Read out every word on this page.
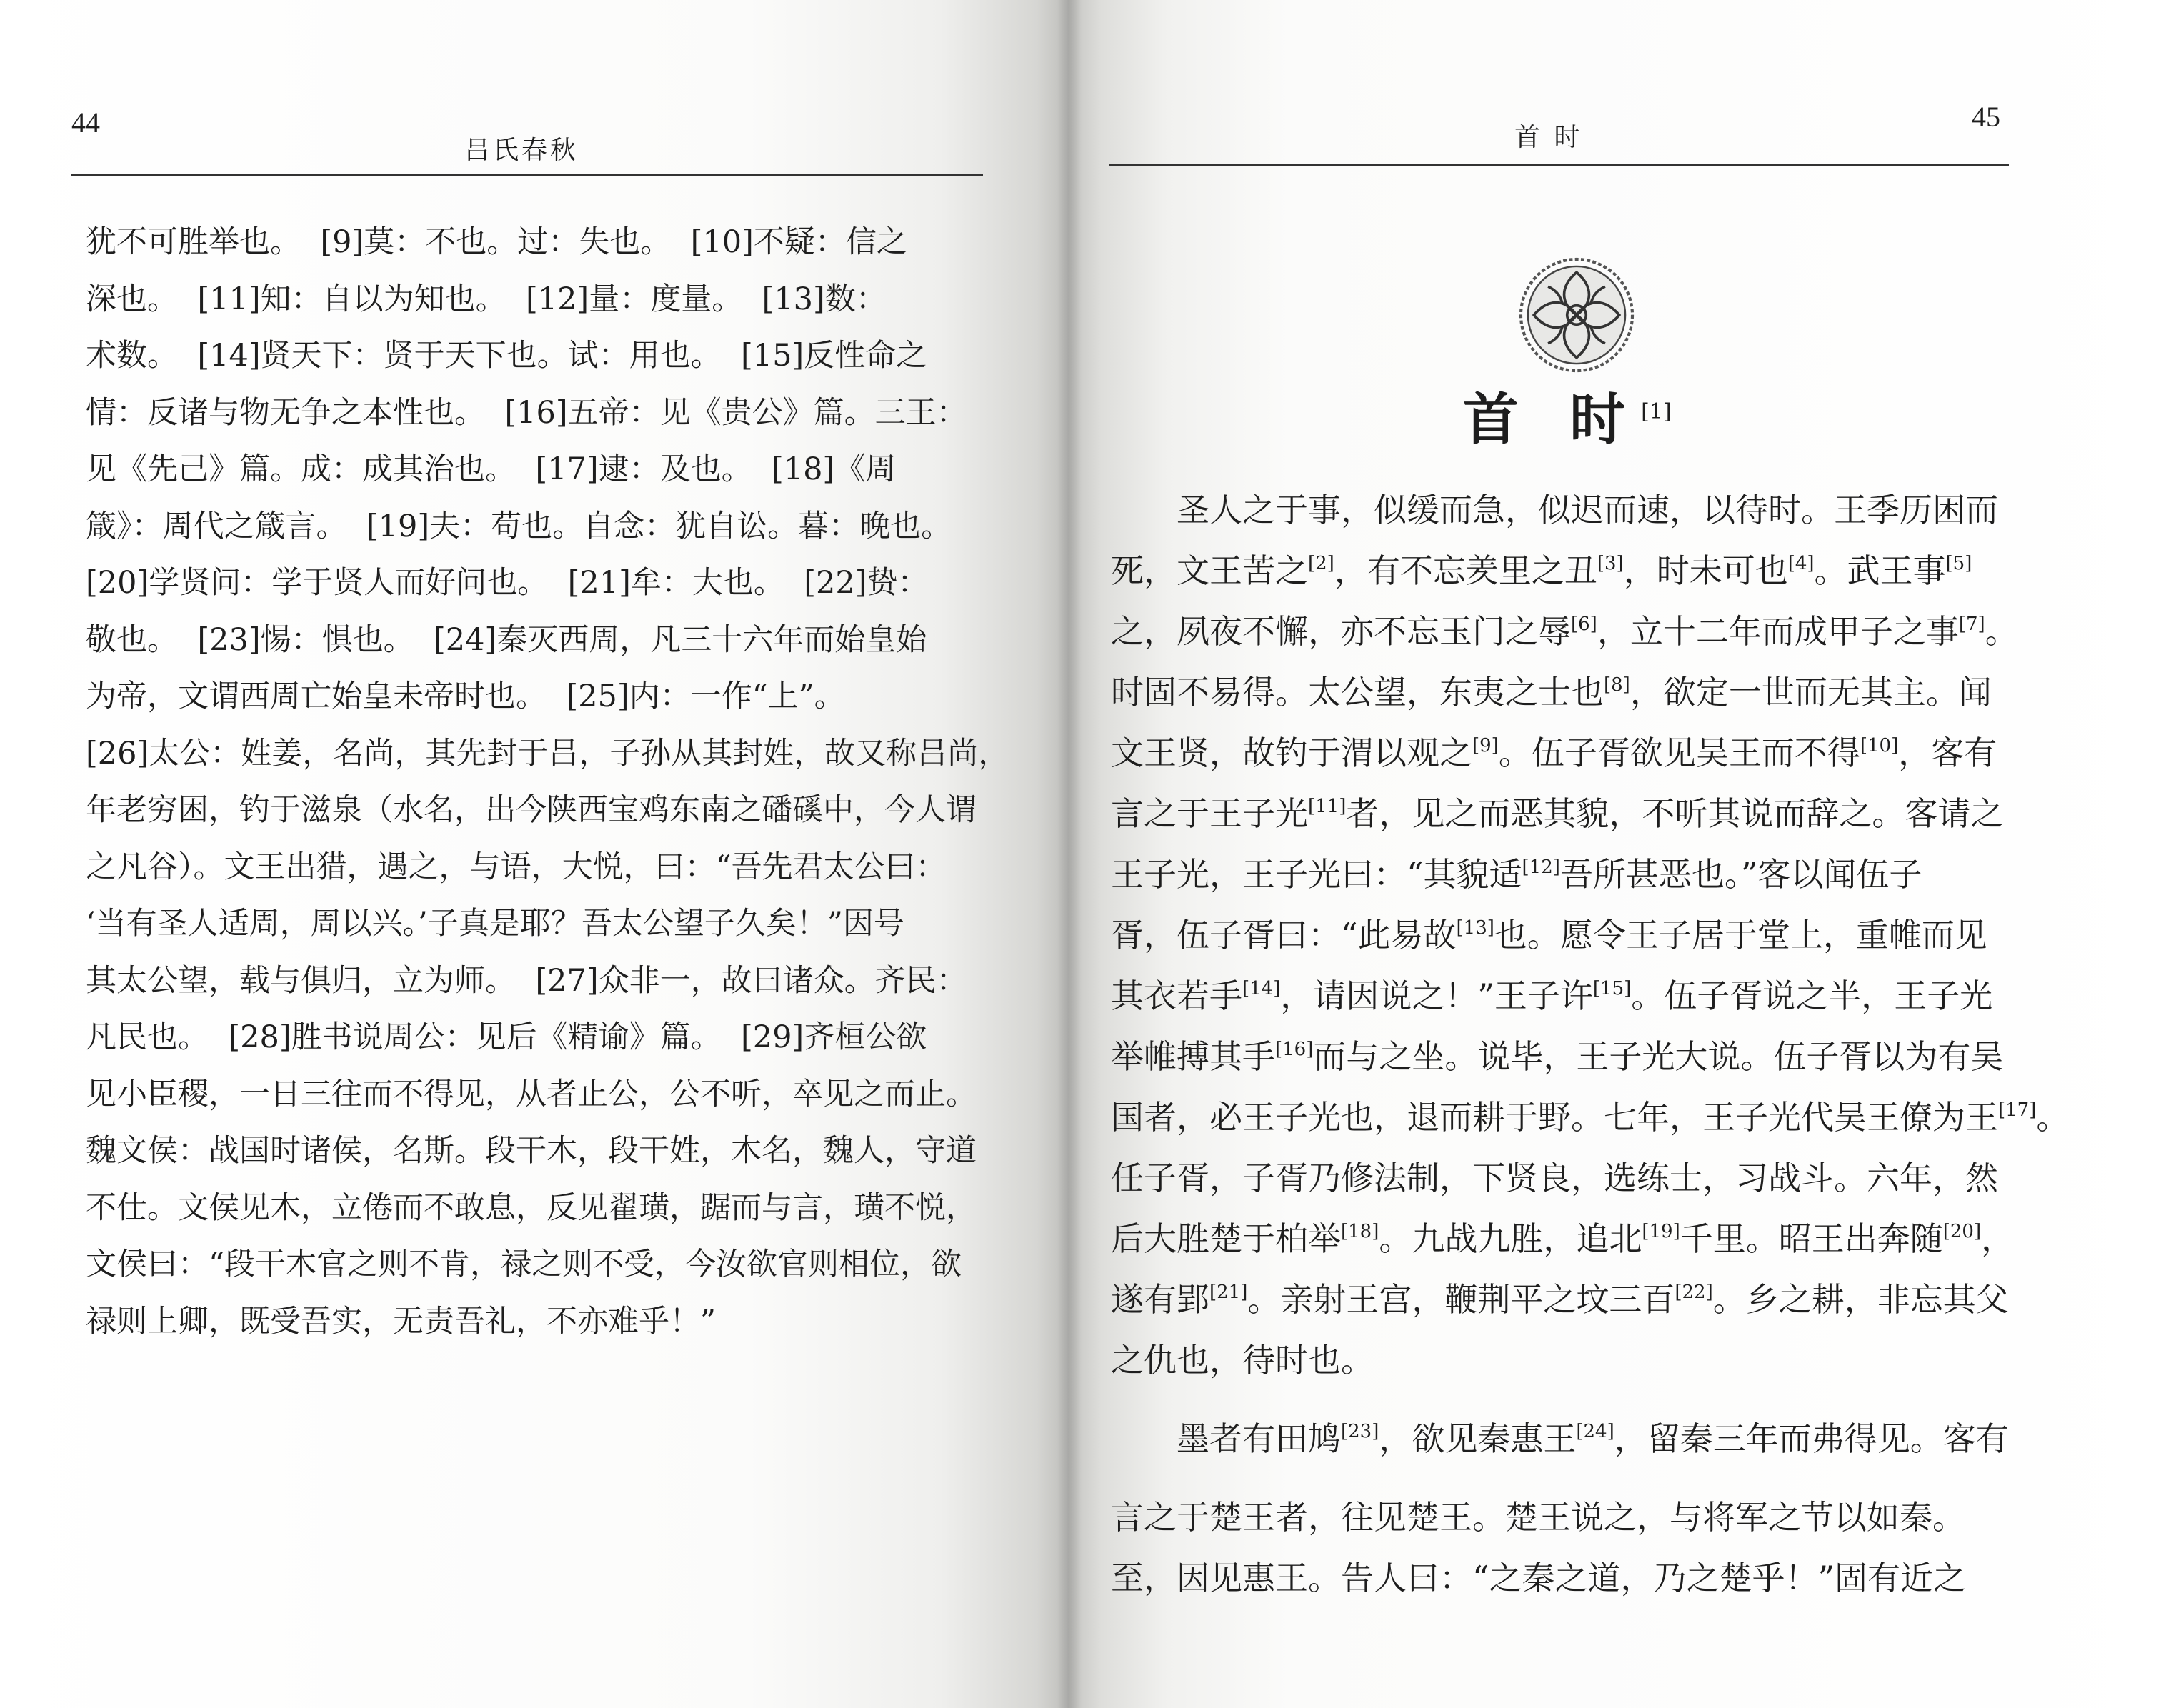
44
吕氏春秋
犹不可胜举也。  [9]莫：不也。过：失也。  [10]不疑：信之
深也。  [11]知：自以为知也。  [12]量：度量。  [13]数：
术数。  [14]贤天下：贤于天下也。试：用也。  [15]反性命之
情：反诸与物无争之本性也。  [16]五帝：见《贵公》篇。三王：
见《先己》篇。成：成其治也。  [17]逮：及也。  [18]《周
箴》：周代之箴言。  [19]夫：苟也。自念：犹自讼。暮：晚也。
[20]学贤问：学于贤人而好问也。  [21]牟：大也。  [22]贽：
敬也。  [23]惕：惧也。  [24]秦灭西周，凡三十六年而始皇始
为帝，文谓西周亡始皇未帝时也。  [25]内：一作“上”。
[26]太公：姓姜，名尚，其先封于吕，子孙从其封姓，故又称吕尚，
年老穷困，钓于滋泉（水名，出今陕西宝鸡东南之磻磎中，今人谓
之凡谷）。文王出猎，遇之，与语，大悦，曰：“吾先君太公曰：
‘当有圣人适周，周以兴。’子真是耶？吾太公望子久矣！”因号
其太公望，载与俱归，立为师。  [27]众非一，故曰诸众。齐民：
凡民也。  [28]胜书说周公：见后《精谕》篇。  [29]齐桓公欲
见小臣稷，一日三往而不得见，从者止公，公不听，卒见之而止。
魏文侯：战国时诸侯，名斯。段干木，段干姓，木名，魏人，守道
不仕。文侯见木，立倦而不敢息，反见翟璜，踞而与言，璜不悦，
文侯曰：“段干木官之则不肯，禄之则不受，今汝欲官则相位，欲
禄则上卿，既受吾实，无责吾礼，不亦难乎！”
45
首 时
首 时[1]
　　圣人之于事，似缓而急，似迟而速，以待时。王季历困而
死，文王苦之[2]，有不忘羑里之丑[3]，时未可也[4]。武王事[5]
之，夙夜不懈，亦不忘玉门之辱[6]，立十二年而成甲子之事[7]。
时固不易得。太公望，东夷之士也[8]，欲定一世而无其主。闻
文王贤，故钓于渭以观之[9]。伍子胥欲见吴王而不得[10]，客有
言之于王子光[11]者，见之而恶其貌，不听其说而辞之。客请之
王子光，王子光曰：“其貌适[12]吾所甚恶也。”客以闻伍子
胥，伍子胥曰：“此易故[13]也。愿令王子居于堂上，重帷而见
其衣若手[14]，请因说之！”王子许[15]。伍子胥说之半，王子光
举帷搏其手[16]而与之坐。说毕，王子光大说。伍子胥以为有吴
国者，必王子光也，退而耕于野。七年，王子光代吴王僚为王[17]。
任子胥，子胥乃修法制，下贤良，选练士，习战斗。六年，然
后大胜楚于柏举[18]。九战九胜，追北[19]千里。昭王出奔随[20]，
遂有郢[21]。亲射王宫，鞭荆平之坟三百[22]。乡之耕，非忘其父
之仇也，待时也。
　　墨者有田鸠[23]，欲见秦惠王[24]，留秦三年而弗得见。客有
言之于楚王者，往见楚王。楚王说之，与将军之节以如秦。
至，因见惠王。告人曰：“之秦之道，乃之楚乎！”固有近之
